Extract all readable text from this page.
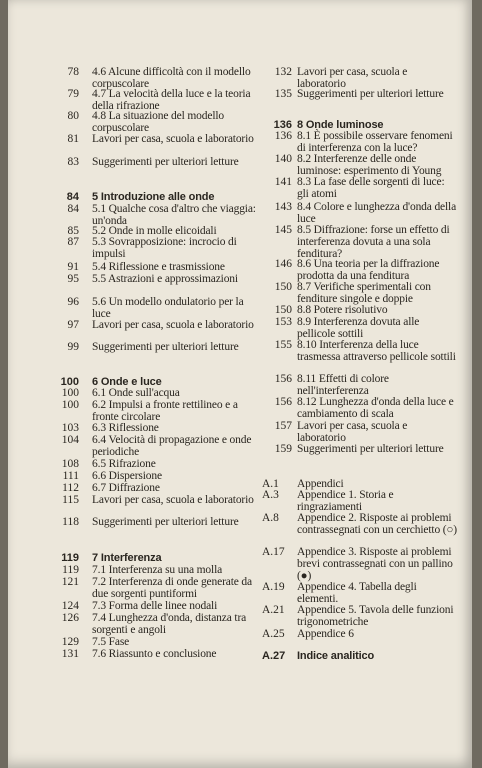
78 4.6 Alcune difficoltà con il modello corpuscolare
79 4.7 La velocità della luce e la teoria della rifrazione
80 4.8 La situazione del modello corpuscolare
81 Lavori per casa, scuola e laboratorio
83 Suggerimenti per ulteriori letture
84 5 Introduzione alle onde
84 5.1 Qualche cosa d'altro che viaggia: un'onda
85 5.2 Onde in molle elicoidali
87 5.3 Sovrapposizione: incrocio di impulsi
91 5.4 Riflessione e trasmissione
95 5.5 Astrazioni e approssimazioni
96 5.6 Un modello ondulatorio per la luce
97 Lavori per casa, scuola e laboratorio
99 Suggerimenti per ulteriori letture
100 6 Onde e luce
100 6.1 Onde sull'acqua
100 6.2 Impulsi a fronte rettilineo e a fronte circolare
103 6.3 Riflessione
104 6.4 Velocità di propagazione e onde periodiche
108 6.5 Rifrazione
111 6.6 Dispersione
112 6.7 Diffrazione
115 Lavori per casa, scuola e laboratorio
118 Suggerimenti per ulteriori letture
119 7 Interferenza
119 7.1 Interferenza su una molla
121 7.2 Interferenza di onde generate da due sorgenti puntiformi
124 7.3 Forma delle linee nodali
126 7.4 Lunghezza d'onda, distanza tra sorgenti e angoli
129 7.5 Fase
131 7.6 Riassunto e conclusione
132 Lavori per casa, scuola e laboratorio
135 Suggerimenti per ulteriori letture
136 8 Onde luminose
136 8.1 È possibile osservare fenomeni di interferenza con la luce?
140 8.2 Interferenze delle onde luminose: esperimento di Young
141 8.3 La fase delle sorgenti di luce: gli atomi
143 8.4 Colore e lunghezza d'onda della luce
145 8.5 Diffrazione: forse un effetto di interferenza dovuta a una sola fenditura?
146 8.6 Una teoria per la diffrazione prodotta da una fenditura
150 8.7 Verifiche sperimentali con fenditure singole e doppie
150 8.8 Potere risolutivo
153 8.9 Interferenza dovuta alle pellicole sottili
155 8.10 Interferenza della luce trasmessa attraverso pellicole sottili
156 8.11 Effetti di colore nell'interferenza
156 8.12 Lunghezza d'onda della luce e cambiamento di scala
157 Lavori per casa, scuola e laboratorio
159 Suggerimenti per ulteriori letture
A.1	Appendici
A.3	Appendice 1. Storia e ringraziamenti
A.8	Appendice 2. Risposte ai problemi contrassegnati con un cerchietto (○)
A.17	Appendice 3. Risposte ai problemi brevi contrassegnati con un pallino (●)
A.19	Appendice 4. Tabella degli elementi.
A.21	Appendice 5. Tavola delle funzioni trigonometriche
A.25	Appendice 6
A.27	Indice analitico
